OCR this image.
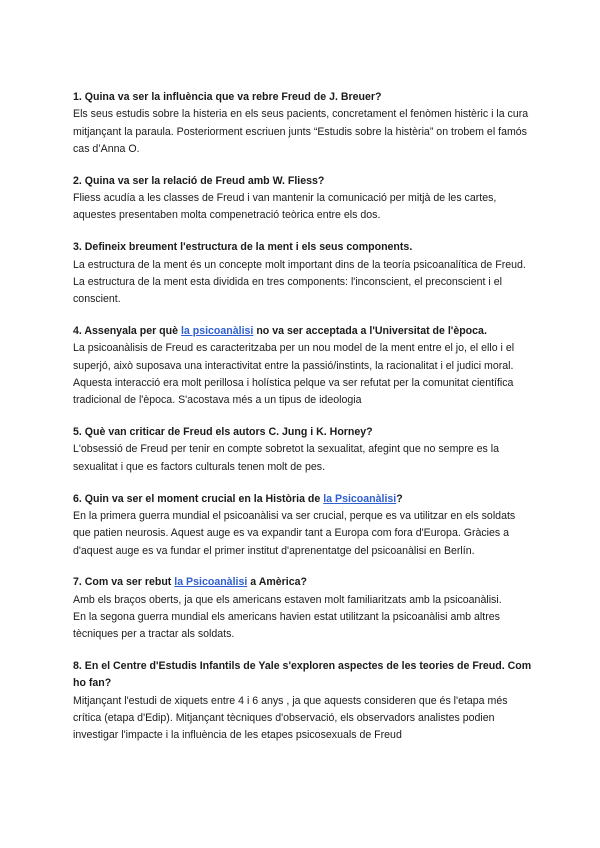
1. Quina va ser la influència que va rebre Freud de J. Breuer?

Els seus estudis sobre la histeria en els seus pacients, concretament el fenòmen histèric i la cura mitjançant la paraula. Posteriorment escriuen junts “Estudis sobre la histèria” on trobem el famós cas d’Anna O.

2. Quina va ser la relació de Freud amb W. Fliess?

Fliess acudía a les classes de Freud i van mantenir la comunicació per mitjà de les cartes, aquestes presentaben molta compenetració teòrica entre els dos.

3. Defineix breument l'estructura de la ment i els seus components.

La estructura de la ment és un concepte molt important dins de la teoría psicoanalítica de Freud. La estructura de la ment esta dividida en tres components: l'inconscient, el preconscient i el conscient.

4. Assenyala per què la psicoanàlisi no va ser acceptada a l'Universitat de l'època.

La psicoanàlisis de Freud es caracteritzaba per un nou model de la ment entre el jo, el ello i el superjó, això suposava una interactivitat entre la passió/instints, la racionalitat i el judici moral. Aquesta interacció era molt perillosa i holística pelque va ser refutat per la comunitat científica tradicional de l'època. S'acostava més a un tipus de ideologia

5. Què van criticar de Freud els autors C. Jung i K. Horney?

L'obsessió de Freud per tenir en compte sobretot la sexualitat, afegint que no sempre es la sexualitat i que es factors culturals tenen molt de pes.

6. Quin va ser el moment crucial en la Història de la Psicoanàlisi?

En la primera guerra mundial el psicoanàlisi va ser crucial, perque es va utilitzar en els soldats que patien neurosis. Aquest auge es va expandir tant a Europa com fora d'Europa. Gràcies a d'aquest auge es va fundar el primer institut d'aprenentatge del psicoanàlisi en Berlín.

7. Com va ser rebut la Psicoanàlisi a Amèrica?

Amb els braços oberts, ja que els americans estaven molt familiaritzats amb la psicoanàlisi.

En la segona guerra mundial els americans havien estat utilitzant la psicoanàlisi amb altres tècniques per a tractar als soldats.

8. En el Centre d'Estudis Infantils de Yale s'exploren aspectes de les teories de Freud. Com ho fan?

Mitjançant l'estudi de xiquets entre 4 i 6 anys , ja que aquests consideren que és l'etapa més crítica (etapa d'Edip). Mitjançant tècniques d'observació, els observadors analistes podien investigar l'impacte i la influència de les etapes psicosexuals de Freud
